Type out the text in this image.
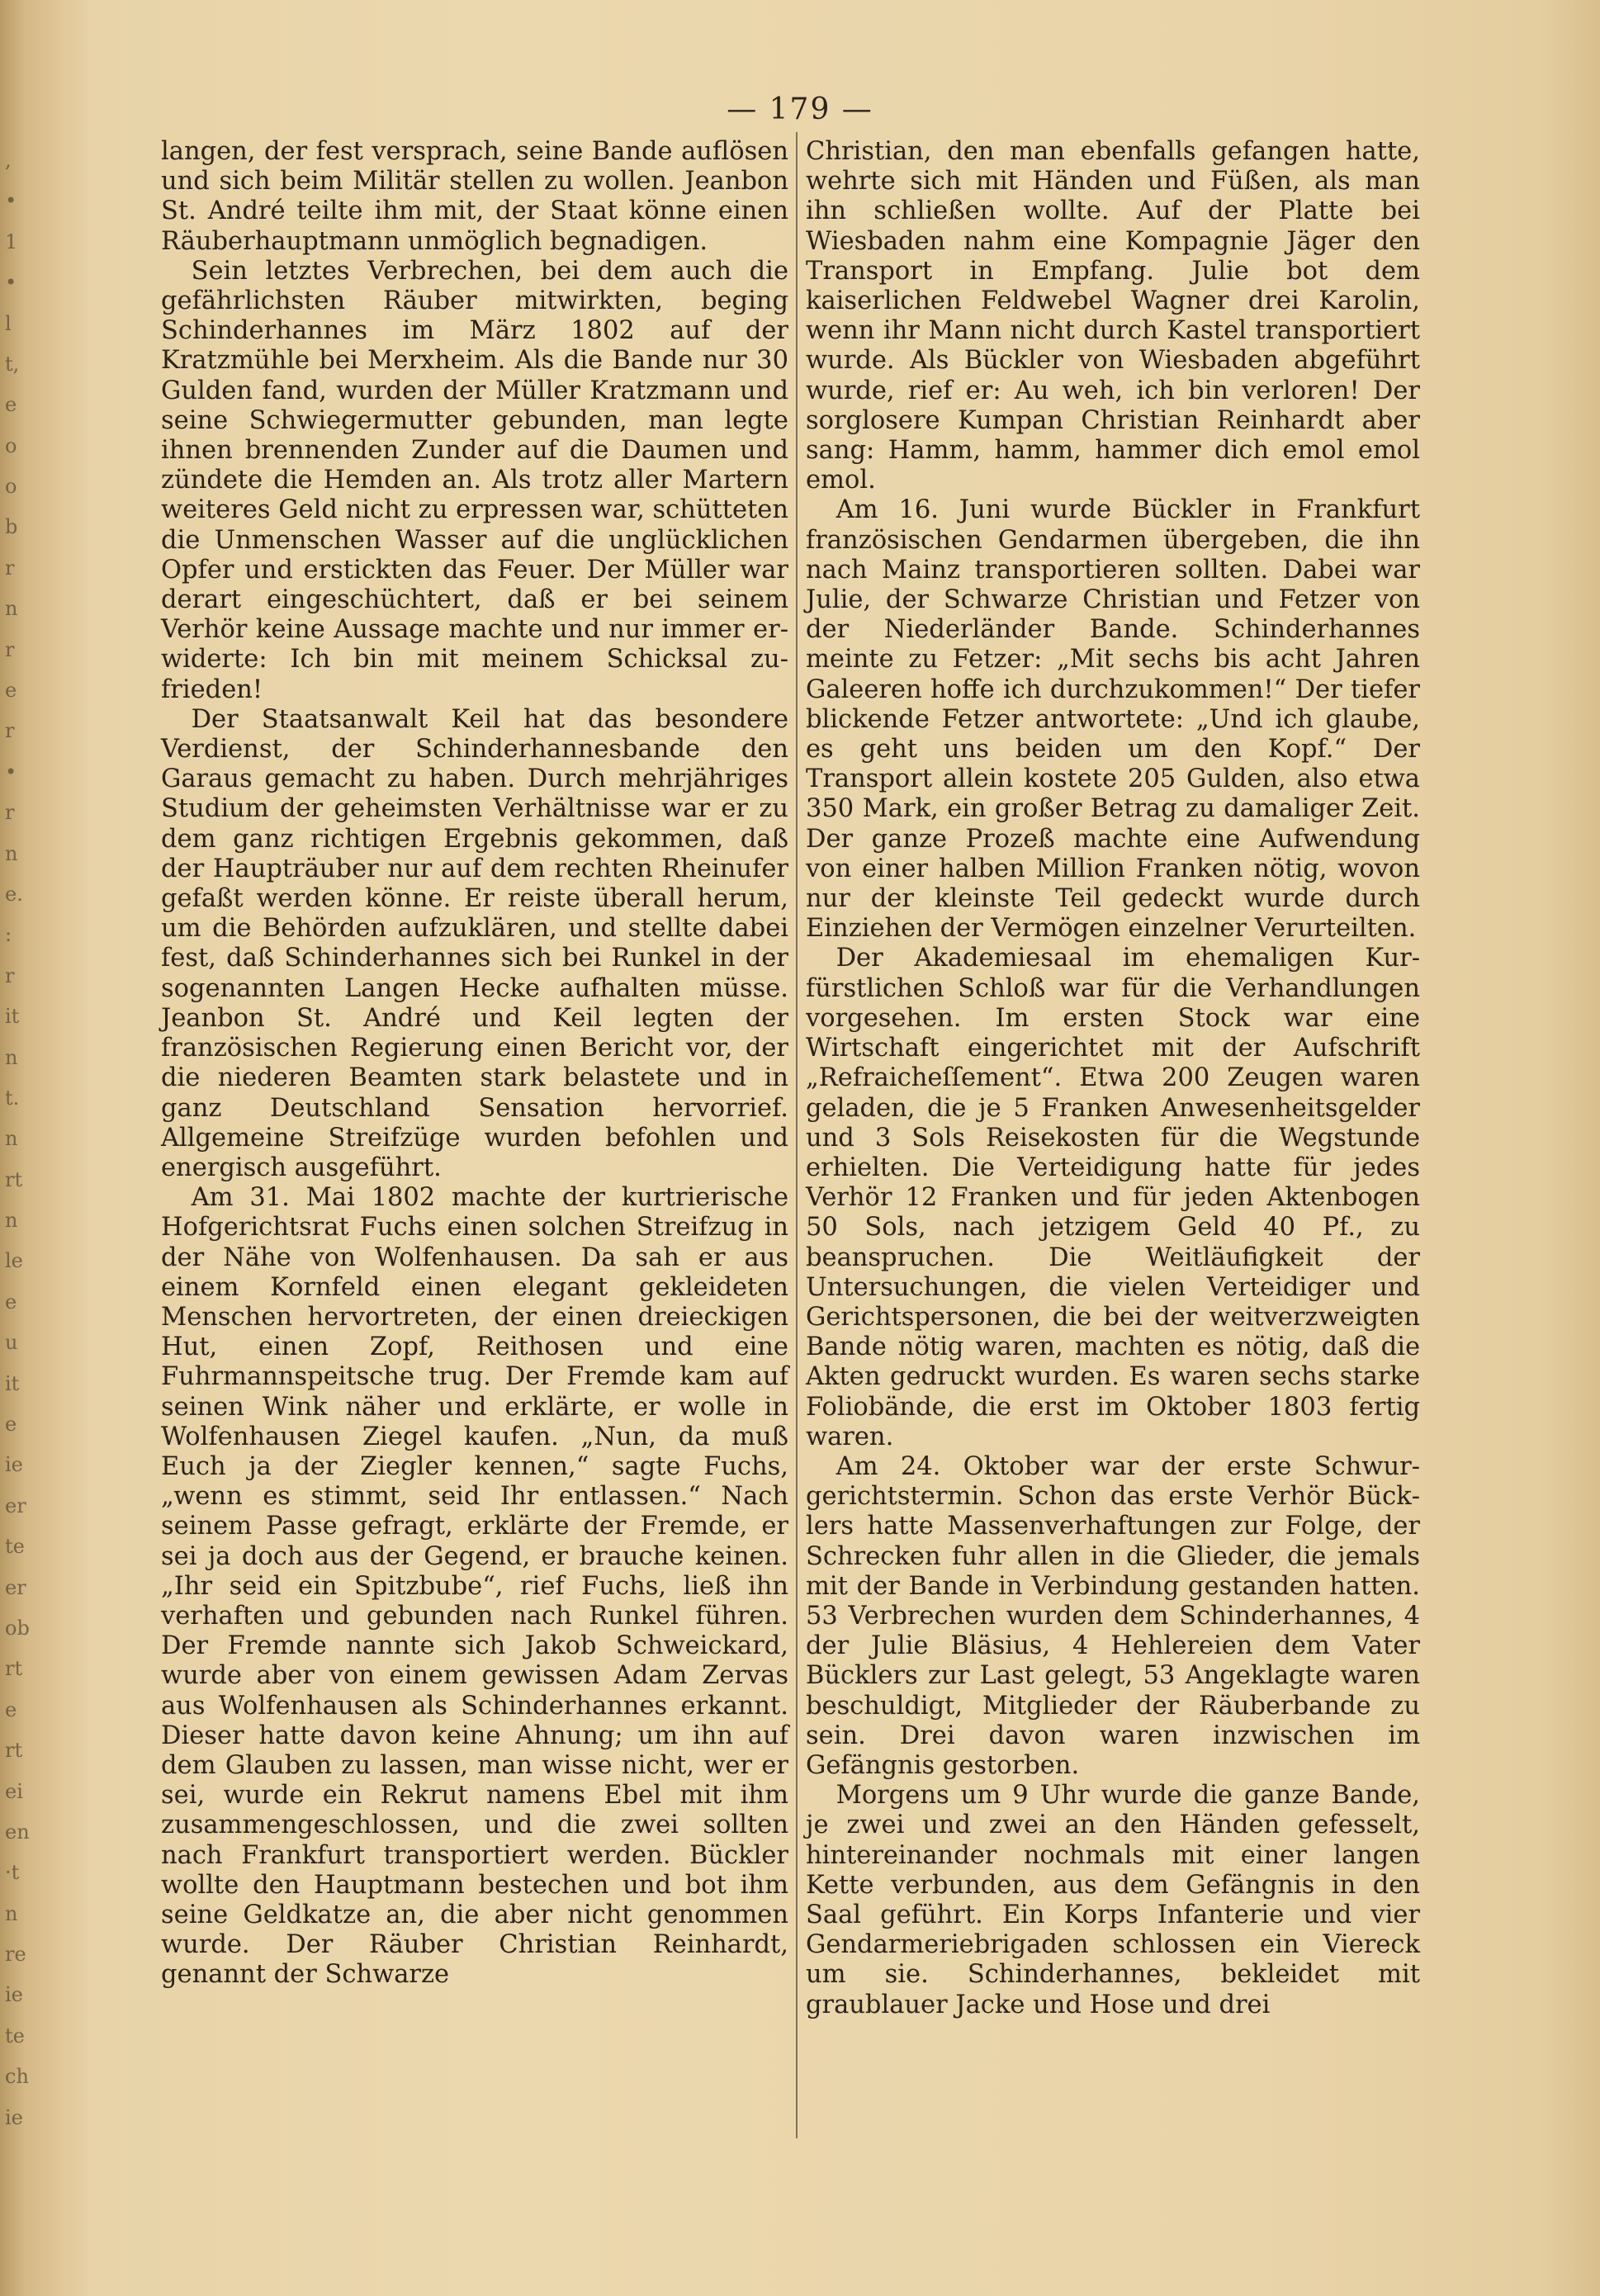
,
•
1
•
l
t,
e
o
o
b
r
n
r
e
r
•
r
n
e.
:
r
it
n
t.
n
rt
n
le
e
u
it
e
ie
er
te
er
ob
rt
e
rt
ei
en
·t
n
re
ie
te
ch
ie
— 179 —

langen, der fest versprach, seine Bande auflösen und sich beim Militär stellen zu wollen. Jeanbon St. André teilte ihm mit, der Staat könne einen Räuberhauptmann unmöglich begnadigen.

Sein letztes Verbrechen, bei dem auch die gefährlichsten Räuber mitwirkten, beging Schinderhannes im März 1802 auf der Kratzmühle bei Merxheim. Als die Bande nur 30 Gulden fand, wurden der Müller Kratzmann und seine Schwiegermutter gebunden, man legte ihnen brennenden Zunder auf die Daumen und zündete die Hemden an. Als trotz aller Martern weiteres Geld nicht zu erpressen war, schütteten die Unmenschen Wasser auf die unglücklichen Opfer und erstickten das Feuer. Der Müller war derart eingeschüchtert, daß er bei seinem Verhör keine Aussage machte und nur immer erwiderte: Ich bin mit meinem Schicksal zufrieden!

Der Staatsanwalt Keil hat das besondere Verdienst, der Schinderhannesbande den Garaus gemacht zu haben. Durch mehrjähriges Studium der geheimsten Verhältnisse war er zu dem ganz richtigen Ergebnis gekommen, daß der Haupträuber nur auf dem rechten Rheinufer gefaßt werden könne. Er reiste überall herum, um die Behörden aufzuklären, und stellte dabei fest, daß Schinderhannes sich bei Runkel in der sogenannten Langen Hecke aufhalten müsse. Jeanbon St. André und Keil legten der französischen Regierung einen Bericht vor, der die niederen Beamten stark belastete und in ganz Deutschland Sensation hervorrief. Allgemeine Streifzüge wurden befohlen und energisch ausgeführt.

Am 31. Mai 1802 machte der kurtrierische Hofgerichtsrat Fuchs einen solchen Streifzug in der Nähe von Wolfenhausen. Da sah er aus einem Kornfeld einen elegant gekleideten Menschen hervortreten, der einen dreieckigen Hut, einen Zopf, Reithosen und eine Fuhrmannspeitsche trug. Der Fremde kam auf seinen Wink näher und erklärte, er wolle in Wolfenhausen Ziegel kaufen. „Nun, da muß Euch ja der Ziegler kennen,“ sagte Fuchs, „wenn es stimmt, seid Ihr entlassen.“ Nach seinem Passe gefragt, erklärte der Fremde, er sei ja doch aus der Gegend, er brauche keinen. „Ihr seid ein Spitzbube“, rief Fuchs, ließ ihn verhaften und gebunden nach Runkel führen. Der Fremde nannte sich Jakob Schweickard, wurde aber von einem gewissen Adam Zervas aus Wolfenhausen als Schinderhannes erkannt. Dieser hatte davon keine Ahnung; um ihn auf dem Glauben zu lassen, man wisse nicht, wer er sei, wurde ein Rekrut namens Ebel mit ihm zusammengeschlossen, und die zwei sollten nach Frankfurt transportiert werden. Bückler wollte den Hauptmann bestechen und bot ihm seine Geldkatze an, die aber nicht genommen wurde. Der Räuber Christian Reinhardt, genannt der Schwarze

Christian, den man ebenfalls gefangen hatte, wehrte sich mit Händen und Füßen, als man ihn schließen wollte. Auf der Platte bei Wiesbaden nahm eine Kompagnie Jäger den Transport in Empfang. Julie bot dem kaiserlichen Feldwebel Wagner drei Karolin, wenn ihr Mann nicht durch Kastel transportiert wurde. Als Bückler von Wiesbaden abgeführt wurde, rief er: Au weh, ich bin verloren! Der sorglosere Kumpan Christian Reinhardt aber sang: Hamm, hamm, hammer dich emol emol emol.

Am 16. Juni wurde Bückler in Frankfurt französischen Gendarmen übergeben, die ihn nach Mainz transportieren sollten. Dabei war Julie, der Schwarze Christian und Fetzer von der Niederländer Bande. Schinderhannes meinte zu Fetzer: „Mit sechs bis acht Jahren Galeeren hoffe ich durchzukommen!“ Der tiefer blickende Fetzer antwortete: „Und ich glaube, es geht uns beiden um den Kopf.“ Der Transport allein kostete 205 Gulden, also etwa 350 Mark, ein großer Betrag zu damaliger Zeit. Der ganze Prozeß machte eine Aufwendung von einer halben Million Franken nötig, wovon nur der kleinste Teil gedeckt wurde durch Einziehen der Vermögen einzelner Verurteilten.

Der Akademiesaal im ehemaligen Kurfürstlichen Schloß war für die Verhandlungen vorgesehen. Im ersten Stock war eine Wirtschaft eingerichtet mit der Aufschrift „Refraicheſſement“. Etwa 200 Zeugen waren geladen, die je 5 Franken Anwesenheitsgelder und 3 Sols Reisekosten für die Wegstunde erhielten. Die Verteidigung hatte für jedes Verhör 12 Franken und für jeden Aktenbogen 50 Sols, nach jetzigem Geld 40 Pf., zu beanspruchen. Die Weitläufigkeit der Untersuchungen, die vielen Verteidiger und Gerichtspersonen, die bei der weitverzweigten Bande nötig waren, machten es nötig, daß die Akten gedruckt wurden. Es waren sechs starke Foliobände, die erst im Oktober 1803 fertig waren.

Am 24. Oktober war der erste Schwurgerichtstermin. Schon das erste Verhör Bücklers hatte Massenverhaftungen zur Folge, der Schrecken fuhr allen in die Glieder, die jemals mit der Bande in Verbindung gestanden hatten. 53 Verbrechen wurden dem Schinderhannes, 4 der Julie Bläsius, 4 Hehlereien dem Vater Bücklers zur Last gelegt, 53 Angeklagte waren beschuldigt, Mitglieder der Räuberbande zu sein. Drei davon waren inzwischen im Gefängnis gestorben.

Morgens um 9 Uhr wurde die ganze Bande, je zwei und zwei an den Händen gefesselt, hintereinander nochmals mit einer langen Kette verbunden, aus dem Gefängnis in den Saal geführt. Ein Korps Infanterie und vier Gendarmeriebrigaden schlossen ein Viereck um sie. Schinderhannes, bekleidet mit graublauer Jacke und Hose und drei
